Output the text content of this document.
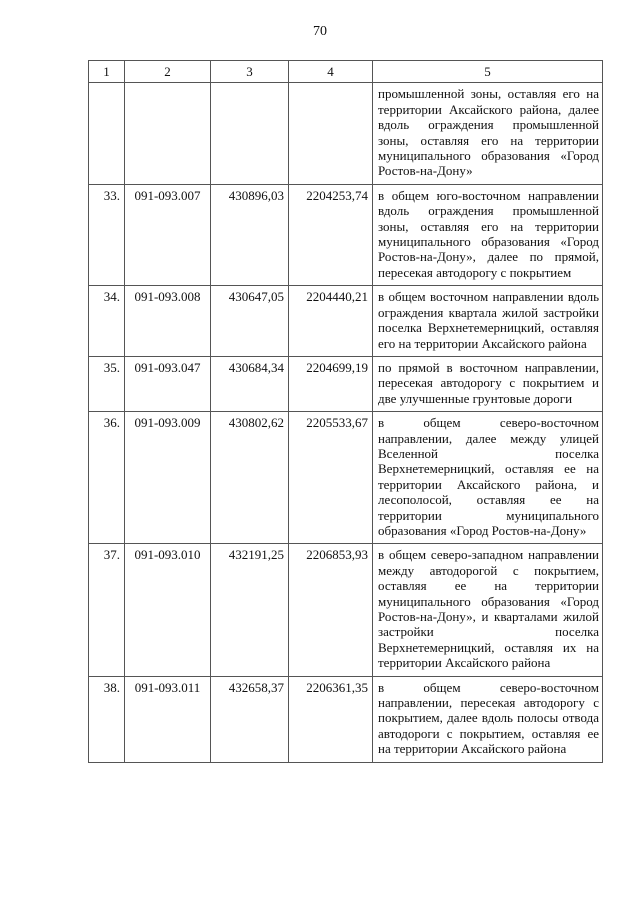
70
1	2	3	4	5
				промышленной зоны, оставляя его на территории Аксайского района, далее вдоль ограждения промышленной зоны, оставляя его на территории муниципального образования «Город Ростов-на-Дону»
33.	091-093.007	430896,03	2204253,74	в общем юго-восточном направлении вдоль ограждения промышленной зоны, оставляя его на территории муниципального образования «Город Ростов-на-Дону», далее по прямой, пересекая автодорогу с покрытием
34.	091-093.008	430647,05	2204440,21	в общем восточном направлении вдоль ограждения квартала жилой застройки поселка Верхнетемерницкий, оставляя его на территории Аксайского района
35.	091-093.047	430684,34	2204699,19	по прямой в восточном направлении, пересекая автодорогу с покрытием и две улучшенные грунтовые дороги
36.	091-093.009	430802,62	2205533,67	в общем северо-восточном направлении, далее между улицей Вселенной поселка Верхнетемерницкий, оставляя ее на территории Аксайского района, и лесополосой, оставляя ее на территории муниципального образования «Город Ростов-на-Дону»
37.	091-093.010	432191,25	2206853,93	в общем северо-западном направлении между автодорогой с покрытием, оставляя ее на территории муниципального образования «Город Ростов-на-Дону», и кварталами жилой застройки поселка Верхнетемерницкий, оставляя их на территории Аксайского района
38.	091-093.011	432658,37	2206361,35	в общем северо-восточном направлении, пересекая автодорогу с покрытием, далее вдоль полосы отвода автодороги с покрытием, оставляя ее на территории Аксайского района
